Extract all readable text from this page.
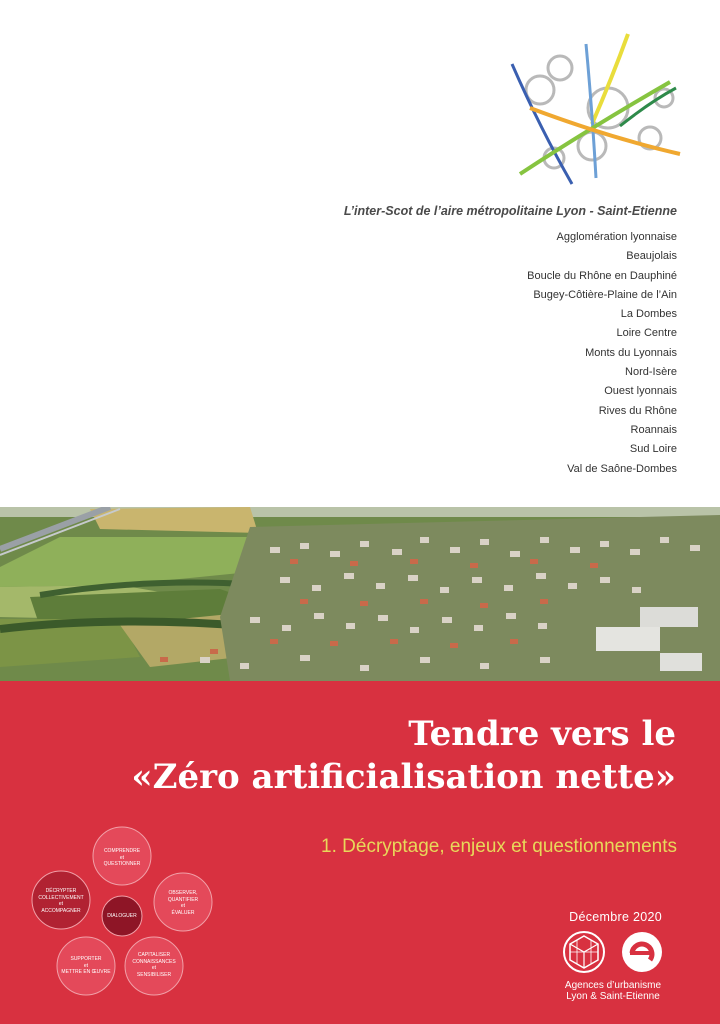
L’inter-Scot de l’aire métropolitaine Lyon - Saint-Etienne
Agglomération lyonnaise
Beaujolais
Boucle du Rhône en Dauphiné
Bugey-Côtière-Plaine de l’Ain
La Dombes
Loire Centre
Monts du Lyonnais
Nord-Isère
Ouest lyonnais
Rives du Rhône
Roannais
Sud Loire
Val de Saône-Dombes
Tendre vers le
«Zéro artificialisation nette»
1. Décryptage, enjeux et questionnements
COMPRENDRE
et
QUESTIONNER
OBSERVER,
QUANTIFIER
et
ÉVALUER
CAPITALISER
CONNAISSANCES
et
SENSIBILISER
SUPPORTER
et
METTRE EN ŒUVRE
DÉCRYPTER
COLLECTIVEMENT
et
ACCOMPAGNER
DIALOGUER	Décembre 2020
Agences d’urbanisme
Lyon & Saint-Etienne
